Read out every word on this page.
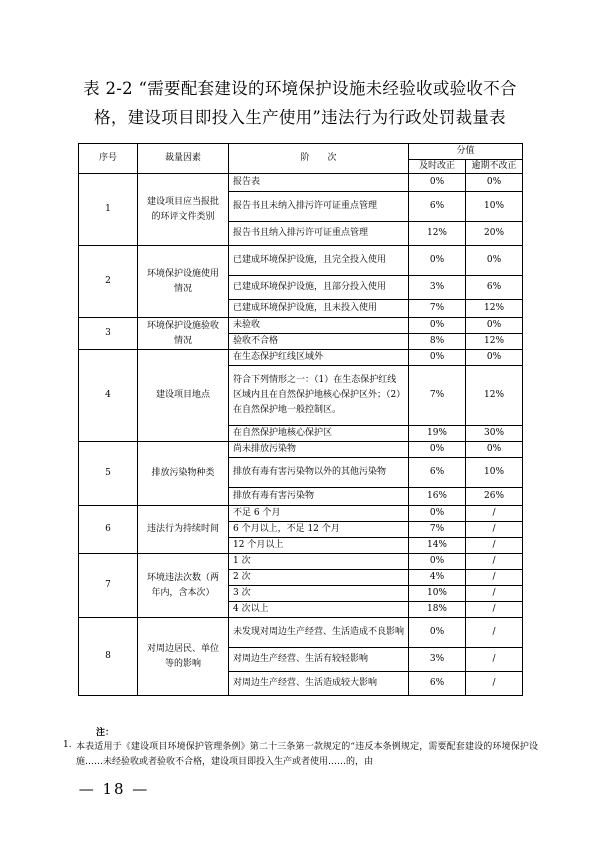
表 2-2 “需要配套建设的环境保护设施未经验收或验收不合
格，建设项目即投入生产使用”违法行为行政处罚裁量表
序号	裁量因素	阶　　次	分值	
			及时改正	逾期不改正
1	建设项目应当报批的环评文件类别	报告表	0%	0%
		报告书且未纳入排污许可证重点管理	6%	10%
		报告书且纳入排污许可证重点管理	12%	20%
2	环境保护设施使用情况	已建成环境保护设施，且完全投入使用	0%	0%
		已建成环境保护设施，且部分投入使用	3%	6%
		已建成环境保护设施，且未投入使用	7%	12%
3	环境保护设施验收情况	未验收	0%	0%
		验收不合格	8%	12%
4	建设项目地点	在生态保护红线区域外	0%	0%
		符合下列情形之一：（1）在生态保护红线区域内且在自然保护地核心保护区外；（2）在自然保护地一般控制区。	7%	12%
		在自然保护地核心保护区	19%	30%
5	排放污染物种类	尚未排放污染物	0%	0%
		排放有毒有害污染物以外的其他污染物	6%	10%
		排放有毒有害污染物	16%	26%
6	违法行为持续时间	不足 6 个月	0%	/
		6 个月以上，不足 12 个月	7%	/
		12 个月以上	14%	/
7	环境违法次数（两年内，含本次）	1 次	0%	/
		2 次	4%	/
		3 次	10%	/
		4 次以上	18%	/
8	对周边居民、单位等的影响	未发现对周边生产经营、生活造成不良影响	0%	/
		对周边生产经营、生活有较轻影响	3%	/
		对周边生产经营、生活造成较大影响	6%	/
注：
1. 本表适用于《建设项目环境保护管理条例》第二十三条第一款规定的“违反本条例规定，需要配套建设的环境保护设施……未经验收或者验收不合格，建设项目即投入生产或者使用……的，由
— 18 —
